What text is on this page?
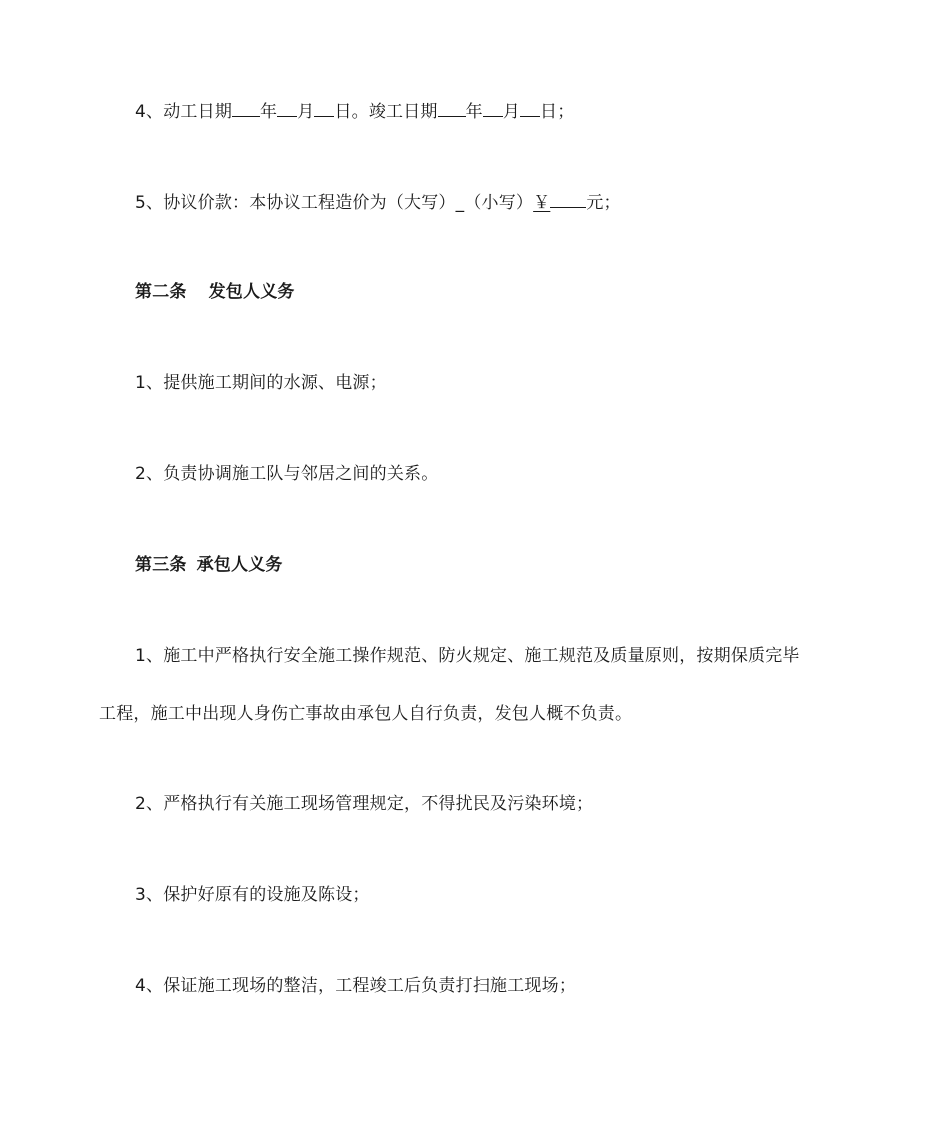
4、动工日期 年 月 日。竣工日期 年 月 日；
5、协议价款：本协议工程造价为（大写）_（小写）￥ 元；
第二条 发包人义务
1、提供施工期间的水源、电源；
2、负责协调施工队与邻居之间的关系。
第三条 承包人义务
1、施工中严格执行安全施工操作规范、防火规定、施工规范及质量原则，按期保质完毕
工程，施工中出现人身伤亡事故由承包人自行负责，发包人概不负责。
2、严格执行有关施工现场管理规定，不得扰民及污染环境；
3、保护好原有的设施及陈设；
4、保证施工现场的整洁，工程竣工后负责打扫施工现场；
